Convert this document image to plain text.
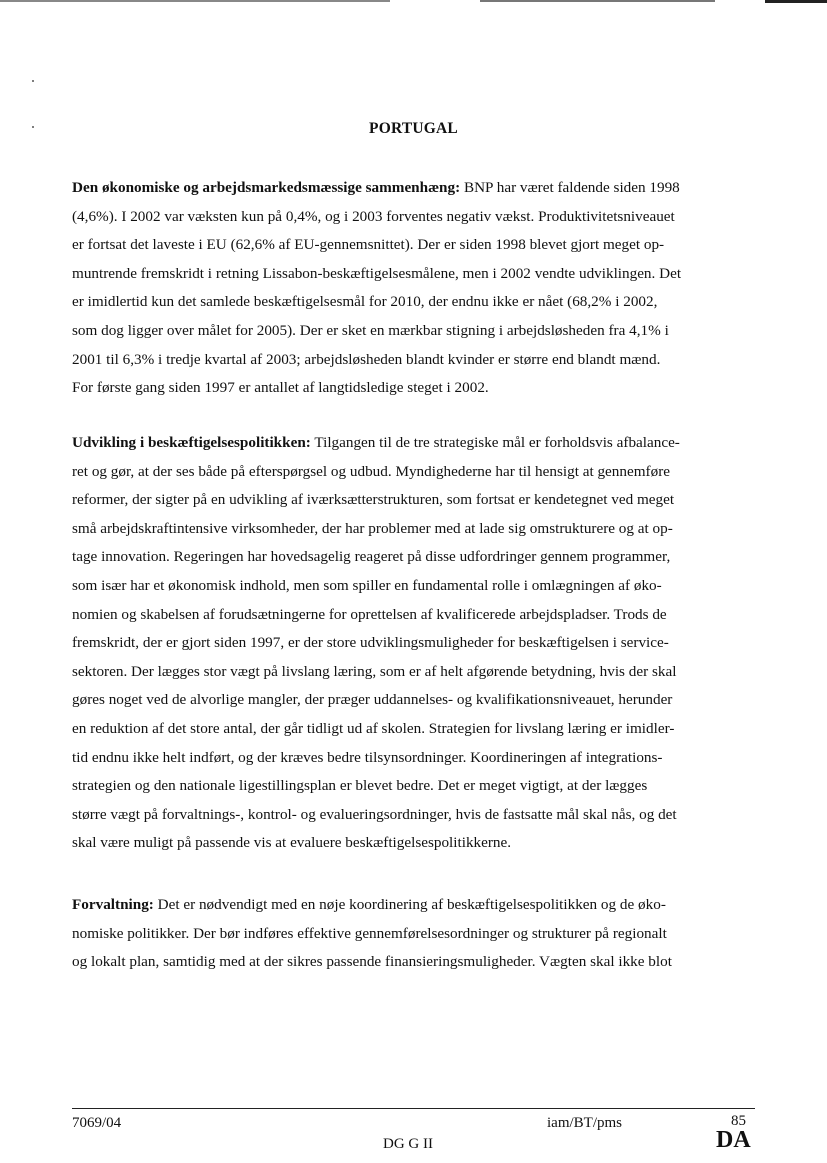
PORTUGAL
Den økonomiske og arbejdsmarkedsmæssige sammenhæng: BNP har været faldende siden 1998
(4,6%). I 2002 var væksten kun på 0,4%, og i 2003 forventes negativ vækst. Produktivitetsniveauet
er fortsat det laveste i EU (62,6% af EU-gennemsnittet). Der er siden 1998 blevet gjort meget op-
muntrende fremskridt i retning Lissabon-beskæftigelsesmålene, men i 2002 vendte udviklingen. Det
er imidlertid kun det samlede beskæftigelsesmål for 2010, der endnu ikke er nået (68,2% i 2002,
som dog ligger over målet for 2005). Der er sket en mærkbar stigning i arbejdsløsheden fra 4,1% i
2001 til 6,3% i tredje kvartal af 2003; arbejdsløsheden blandt kvinder er større end blandt mænd.
For første gang siden 1997 er antallet af langtidsledige steget i 2002.
Udvikling i beskæftigelsespolitikken: Tilgangen til de tre strategiske mål er forholdsvis afbalance-
ret og gør, at der ses både på efterspørgsel og udbud. Myndighederne har til hensigt at gennemføre
reformer, der sigter på en udvikling af iværksætterstrukturen, som fortsat er kendetegnet ved meget
små arbejdskraftintensive virksomheder, der har problemer med at lade sig omstrukturere og at op-
tage innovation. Regeringen har hovedsagelig reageret på disse udfordringer gennem programmer,
som især har et økonomisk indhold, men som spiller en fundamental rolle i omlægningen af øko-
nomien og skabelsen af forudsætningerne for oprettelsen af kvalificerede arbejdspladser. Trods de
fremskridt, der er gjort siden 1997, er der store udviklingsmuligheder for beskæftigelsen i service-
sektoren. Der lægges stor vægt på livslang læring, som er af helt afgørende betydning, hvis der skal
gøres noget ved de alvorlige mangler, der præger uddannelses- og kvalifikationsniveauet, herunder
en reduktion af det store antal, der går tidligt ud af skolen. Strategien for livslang læring er imidler-
tid endnu ikke helt indført, og der kræves bedre tilsynsordninger. Koordineringen af integrations-
strategien og den nationale ligestillingsplan er blevet bedre. Det er meget vigtigt, at der lægges
større vægt på forvaltnings-, kontrol- og evalueringsordninger, hvis de fastsatte mål skal nås, og det
skal være muligt på passende vis at evaluere beskæftigelsespolitikkerne.
Forvaltning: Det er nødvendigt med en nøje koordinering af beskæftigelsespolitikken og de øko-
nomiske politikker. Der bør indføres effektive gennemførelsesordninger og strukturer på regionalt
og lokalt plan, samtidig med at der sikres passende finansieringsmuligheder. Vægten skal ikke blot
7069/04	iam/BT/pms	85
DG G II	DA
